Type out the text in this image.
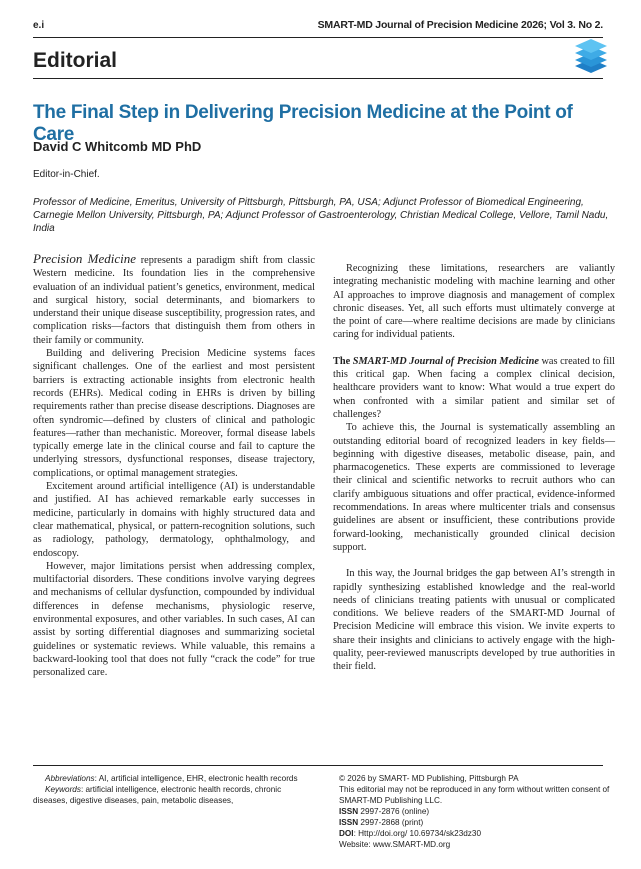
e.i	SMART-MD Journal of Precision Medicine 2026; Vol 3. No 2.
Editorial
The Final Step in Delivering Precision Medicine at the Point of Care
David C Whitcomb MD PhD
Editor-in-Chief.
Professor of Medicine, Emeritus, University of Pittsburgh, Pittsburgh, PA, USA; Adjunct Professor of Biomedical Engineering, Carnegie Mellon University, Pittsburgh, PA; Adjunct Professor of Gastroenterology, Christian Medical College, Vellore, Tamil Nadu, India

Precision Medicine represents a paradigm shift from classic Western medicine. Its foundation lies in the comprehensive evaluation of an individual patient’s genetics, environment, medical and surgical history, social determinants, and biomarkers to understand their unique disease susceptibility, progression rates, and complication risks—factors that distinguish them from others in their family or community.

Building and delivering Precision Medicine systems faces significant challenges. One of the earliest and most persistent barriers is extracting actionable insights from electronic health records (EHRs). Medical coding in EHRs is driven by billing requirements rather than precise disease descriptions. Diagnoses are often syndromic—defined by clusters of clinical and pathologic features—rather than mechanistic. Moreover, formal disease labels typically emerge late in the clinical course and fail to capture the underlying stressors, dysfunctional responses, disease trajectory, complications, or optimal management strategies.

Excitement around artificial intelligence (AI) is understandable and justified. AI has achieved remarkable early successes in medicine, particularly in domains with highly structured data and clear mathematical, physical, or pattern-recognition solutions, such as radiology, pathology, dermatology, ophthalmology, and endoscopy.

However, major limitations persist when addressing complex, multifactorial disorders. These conditions involve varying degrees and mechanisms of cellular dysfunction, compounded by individual differences in defense mechanisms, physiologic reserve, environmental exposures, and other variables. In such cases, AI can assist by sorting differential diagnoses and summarizing societal guidelines or systematic reviews. While valuable, this remains a backward-looking tool that does not fully “crack the code” for true personalized care.

Recognizing these limitations, researchers are valiantly integrating mechanistic modeling with machine learning and other AI approaches to improve diagnosis and management of complex chronic diseases. Yet, all such efforts must ultimately converge at the point of care—where realtime decisions are made by clinicians caring for individual patients.

The SMART-MD Journal of Precision Medicine was created to fill this critical gap. When facing a complex clinical decision, healthcare providers want to know: What would a true expert do when confronted with a similar patient and similar set of challenges?

To achieve this, the Journal is systematically assembling an outstanding editorial board of recognized leaders in key fields—beginning with digestive diseases, metabolic disease, pain, and pharmacogenetics. These experts are commissioned to leverage their clinical and scientific networks to recruit authors who can clarify ambiguous situations and offer practical, evidence-informed recommendations. In areas where multicenter trials and consensus guidelines are absent or insufficient, these contributions provide forward-looking, mechanistically grounded clinical decision support.

In this way, the Journal bridges the gap between AI’s strength in rapidly synthesizing established knowledge and the real-world needs of clinicians treating patients with unusual or complicated conditions. We believe readers of the SMART-MD Journal of Precision Medicine will embrace this vision. We invite experts to share their insights and clinicians to actively engage with the high-quality, peer-reviewed manuscripts developed by true authorities in their field.

Abbreviations: AI, artificial intelligence, EHR, electronic health records

Keywords: artificial intelligence, electronic health records, chronic diseases, digestive diseases, pain, metabolic diseases,

© 2026 by SMART- MD Publishing, Pittsburgh PA
This editorial may not be reproduced in any form without written consent of SMART-MD Publishing LLC.
ISSN 2997-2876 (online)
ISSN 2997-2868 (print)
DOI: Http://doi.org/ 10.69734/sk23dz30
Website: www.SMART-MD.org
